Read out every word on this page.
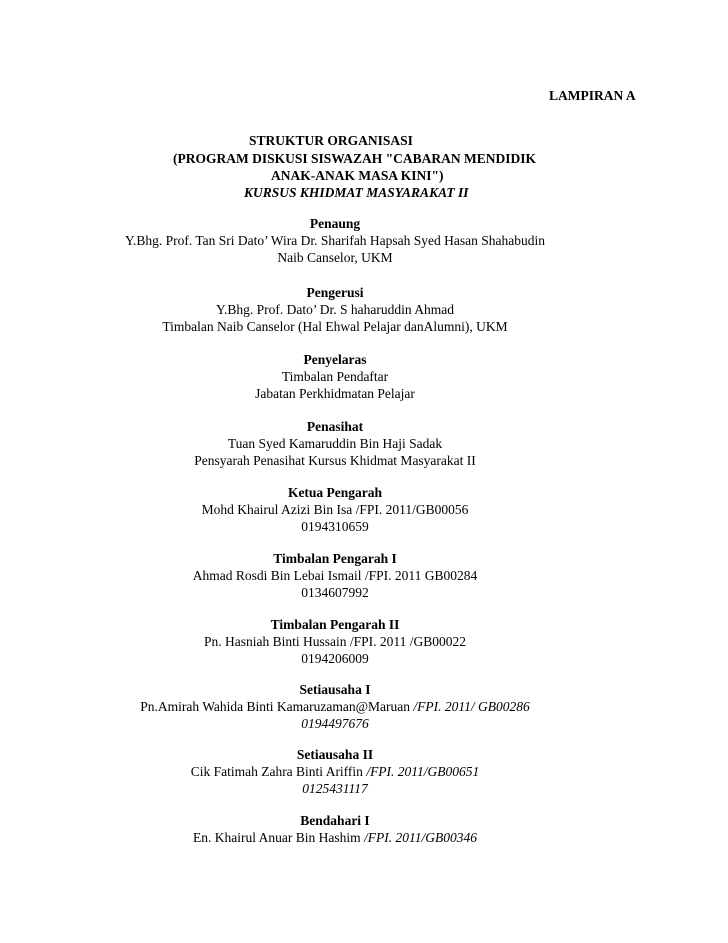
LAMPIRAN A
STRUKTUR ORGANISASI
(PROGRAM DISKUSI SISWAZAH "CABARAN MENDIDIK
ANAK-ANAK MASA KINI")
KURSUS KHIDMAT MASYARAKAT II
Penaung
Y.Bhg. Prof. Tan Sri Dato’ Wira Dr. Sharifah Hapsah Syed Hasan Shahabudin
Naib Canselor, UKM
Pengerusi
Y.Bhg. Prof. Dato’ Dr. S haharuddin Ahmad
Timbalan Naib Canselor (Hal Ehwal Pelajar danAlumni), UKM
Penyelaras
Timbalan Pendaftar
Jabatan Perkhidmatan Pelajar
Penasihat
Tuan Syed Kamaruddin Bin Haji Sadak
Pensyarah Penasihat Kursus Khidmat Masyarakat II
Ketua Pengarah
Mohd Khairul Azizi Bin Isa /FPI. 2011/GB00056
0194310659
Timbalan Pengarah I
Ahmad Rosdi Bin Lebai Ismail /FPI. 2011 GB00284
0134607992
Timbalan Pengarah II
Pn. Hasniah Binti Hussain /FPI. 2011 /GB00022
0194206009
Setiausaha I
Pn.Amirah Wahida Binti Kamaruzaman@Maruan /FPI. 2011/ GB00286
0194497676
Setiausaha II
Cik Fatimah Zahra Binti Ariffin /FPI. 2011/GB00651
0125431117
Bendahari I
En. Khairul Anuar Bin Hashim /FPI. 2011/GB00346
